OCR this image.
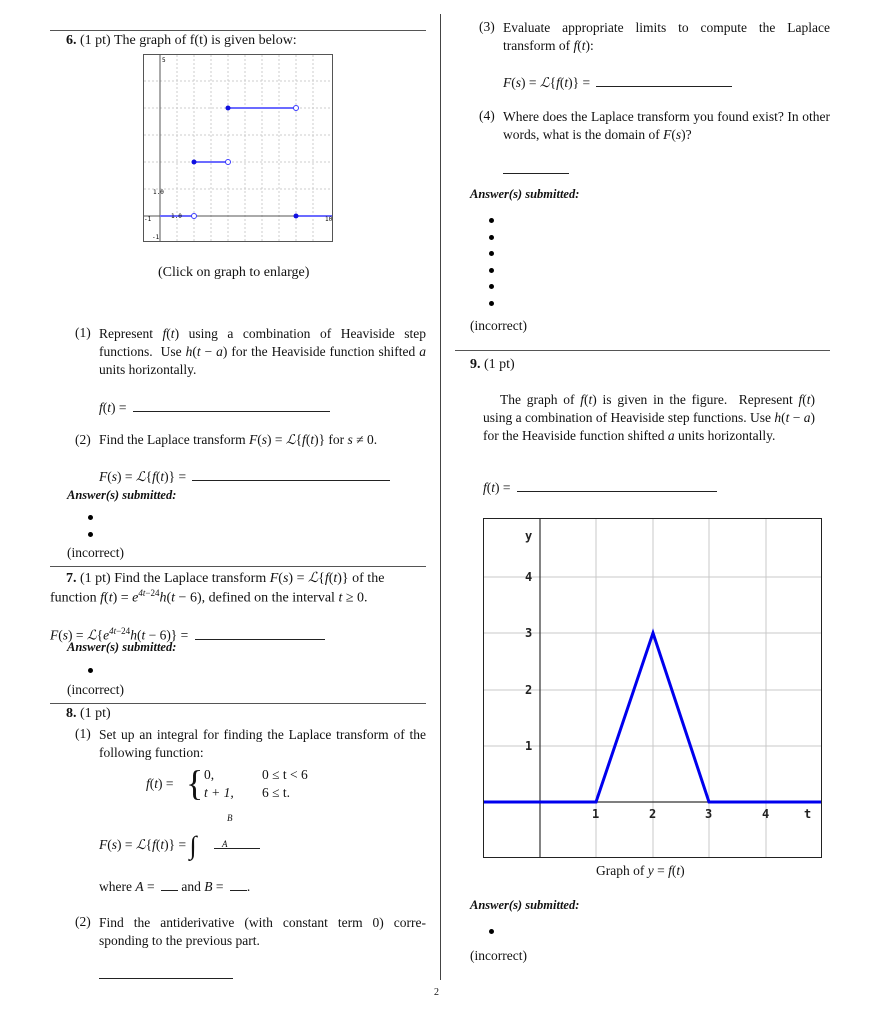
2
6. (1 pt) The graph of f(t) is given below:
5
1.0
1.0
-1	10
-1
(Click on graph to enlarge)
(1) Represent f(t) using a combination of Heaviside step functions.  Use h(t − a) for the Heaviside function shifted a units horizontally.
f(t) =
(2) Find the Laplace transform F(s) = ℒ{f(t)} for s ≠ 0.
F(s) = ℒ{f(t)} =
Answer(s) submitted:
(incorrect)
7. (1 pt) Find the Laplace transform F(s) = ℒ{f(t)} of the
function $f(t) = e^{4t-24}h(t - 6)$, defined on the interval t ≥ 0.
$F(s) = ℒ\{e^{4t-24}h(t - 6)\}$ =
Answer(s) submitted:
(incorrect)
8. (1 pt)
(1) Set up an integral for finding the Laplace transform of the following function:
f(t) = { 0,
t + 1,
0 ≤ t < 6
6 ≤ t.
F(s) = ℒ{f(t)} = ∫
B
A
where A =  and B = .
(2) Find the antiderivative (with constant term 0) corre- sponding to the previous part.
(3) Evaluate appropriate limits to compute the Laplace transform of f(t):
F(s) = ℒ{f(t)} =
(4) Where does the Laplace transform you found exist? In other words, what is the domain of F(s)?
Answer(s) submitted:
(incorrect)
9. (1 pt)
The graph of f(t) is given in the figure.  Represent f(t) using a combination of Heaviside step functions. Use h(t − a) for the Heaviside function shifted a units horizontally.
f(t) =
y
4
3
2
1
1	2	3	4	t
Graph of y = f(t)
Answer(s) submitted:
(incorrect)
